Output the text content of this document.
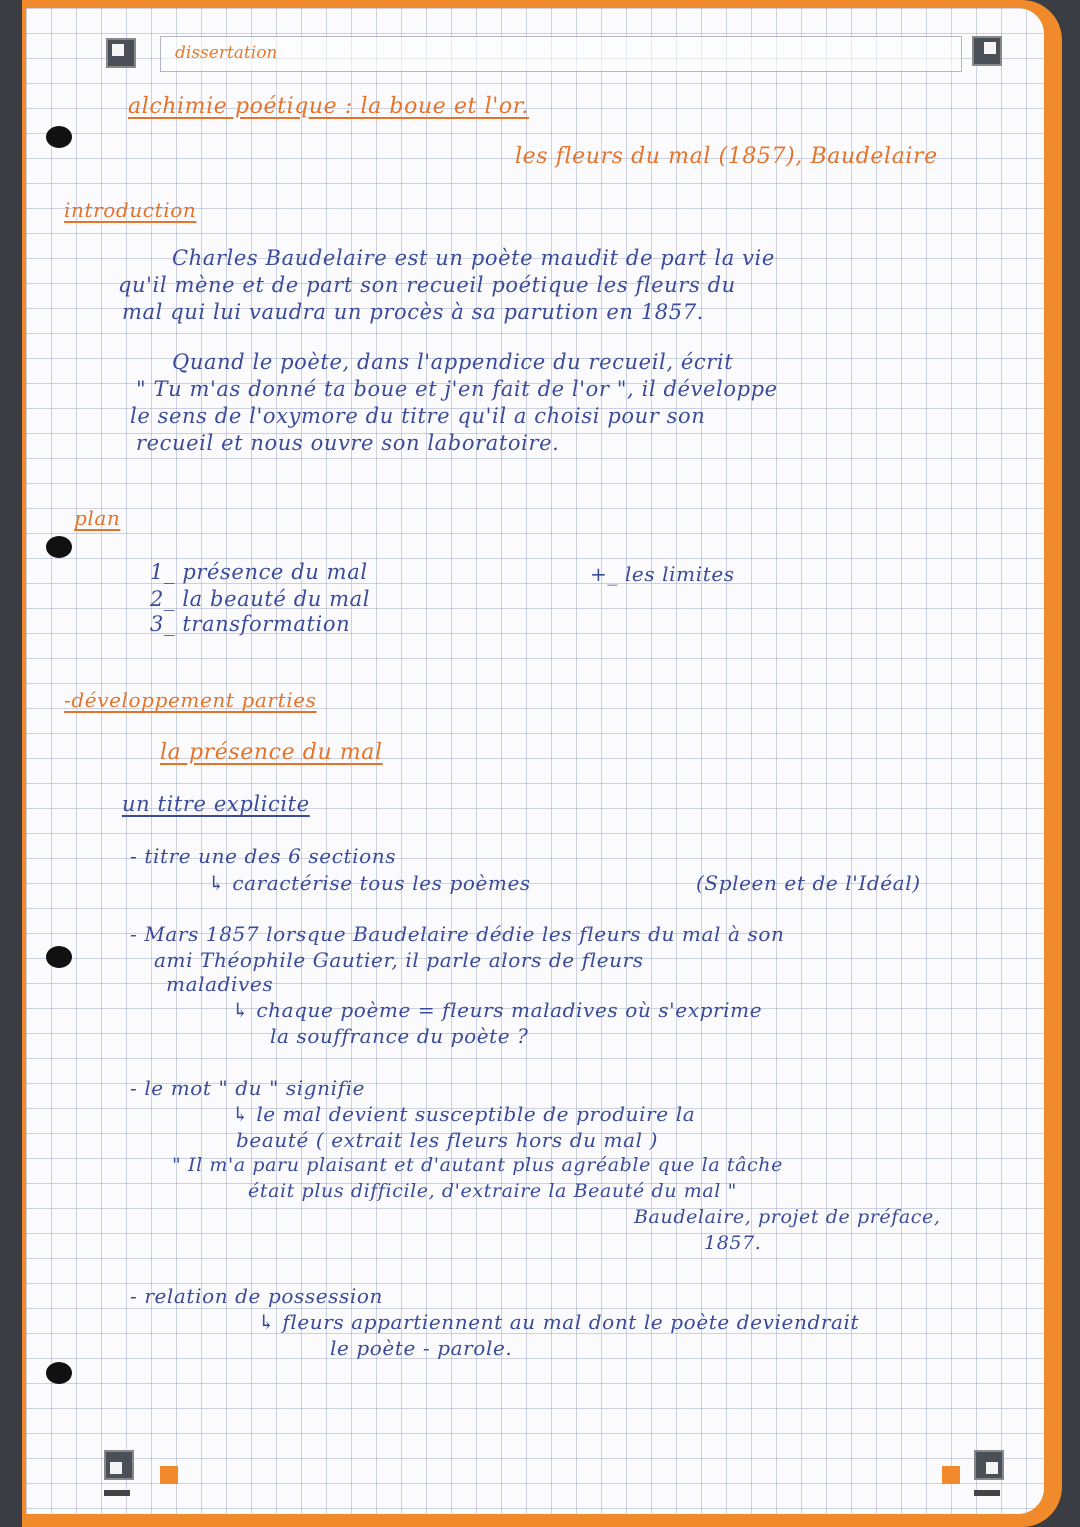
dissertation
alchimie poétique : la boue et l'or.
les fleurs du mal (1857), Baudelaire
introduction
Charles Baudelaire est un poète maudit de part la vie
qu'il mène et de part son recueil poétique les fleurs du
mal qui lui vaudra un procès à sa parution en 1857.
Quand le poète, dans l'appendice du recueil, écrit
" Tu m'as donné ta boue et j'en fait de l'or ", il développe
le sens de l'oxymore du titre qu'il a choisi pour son
recueil et nous ouvre son laboratoire.
plan
1_ présence du mal
2_ la beauté du mal
3_ transformation
+_ les limites
-développement parties
la présence du mal
un titre explicite
- titre une des 6 sections
↳ caractérise tous les poèmes	(Spleen et de l'Idéal)
- Mars 1857 lorsque Baudelaire dédie les fleurs du mal à son
ami Théophile Gautier, il parle alors de fleurs
maladives
↳ chaque poème = fleurs maladives où s'exprime
la souffrance du poète ?
- le mot " du " signifie
↳ le mal devient susceptible de produire la
beauté ( extrait les fleurs hors du mal )
" Il m'a paru plaisant et d'autant plus agréable que la tâche
était plus difficile, d'extraire la Beauté du mal "
Baudelaire, projet de préface,
1857.
- relation de possession
↳ fleurs appartiennent au mal dont le poète deviendrait
le poète - parole.
